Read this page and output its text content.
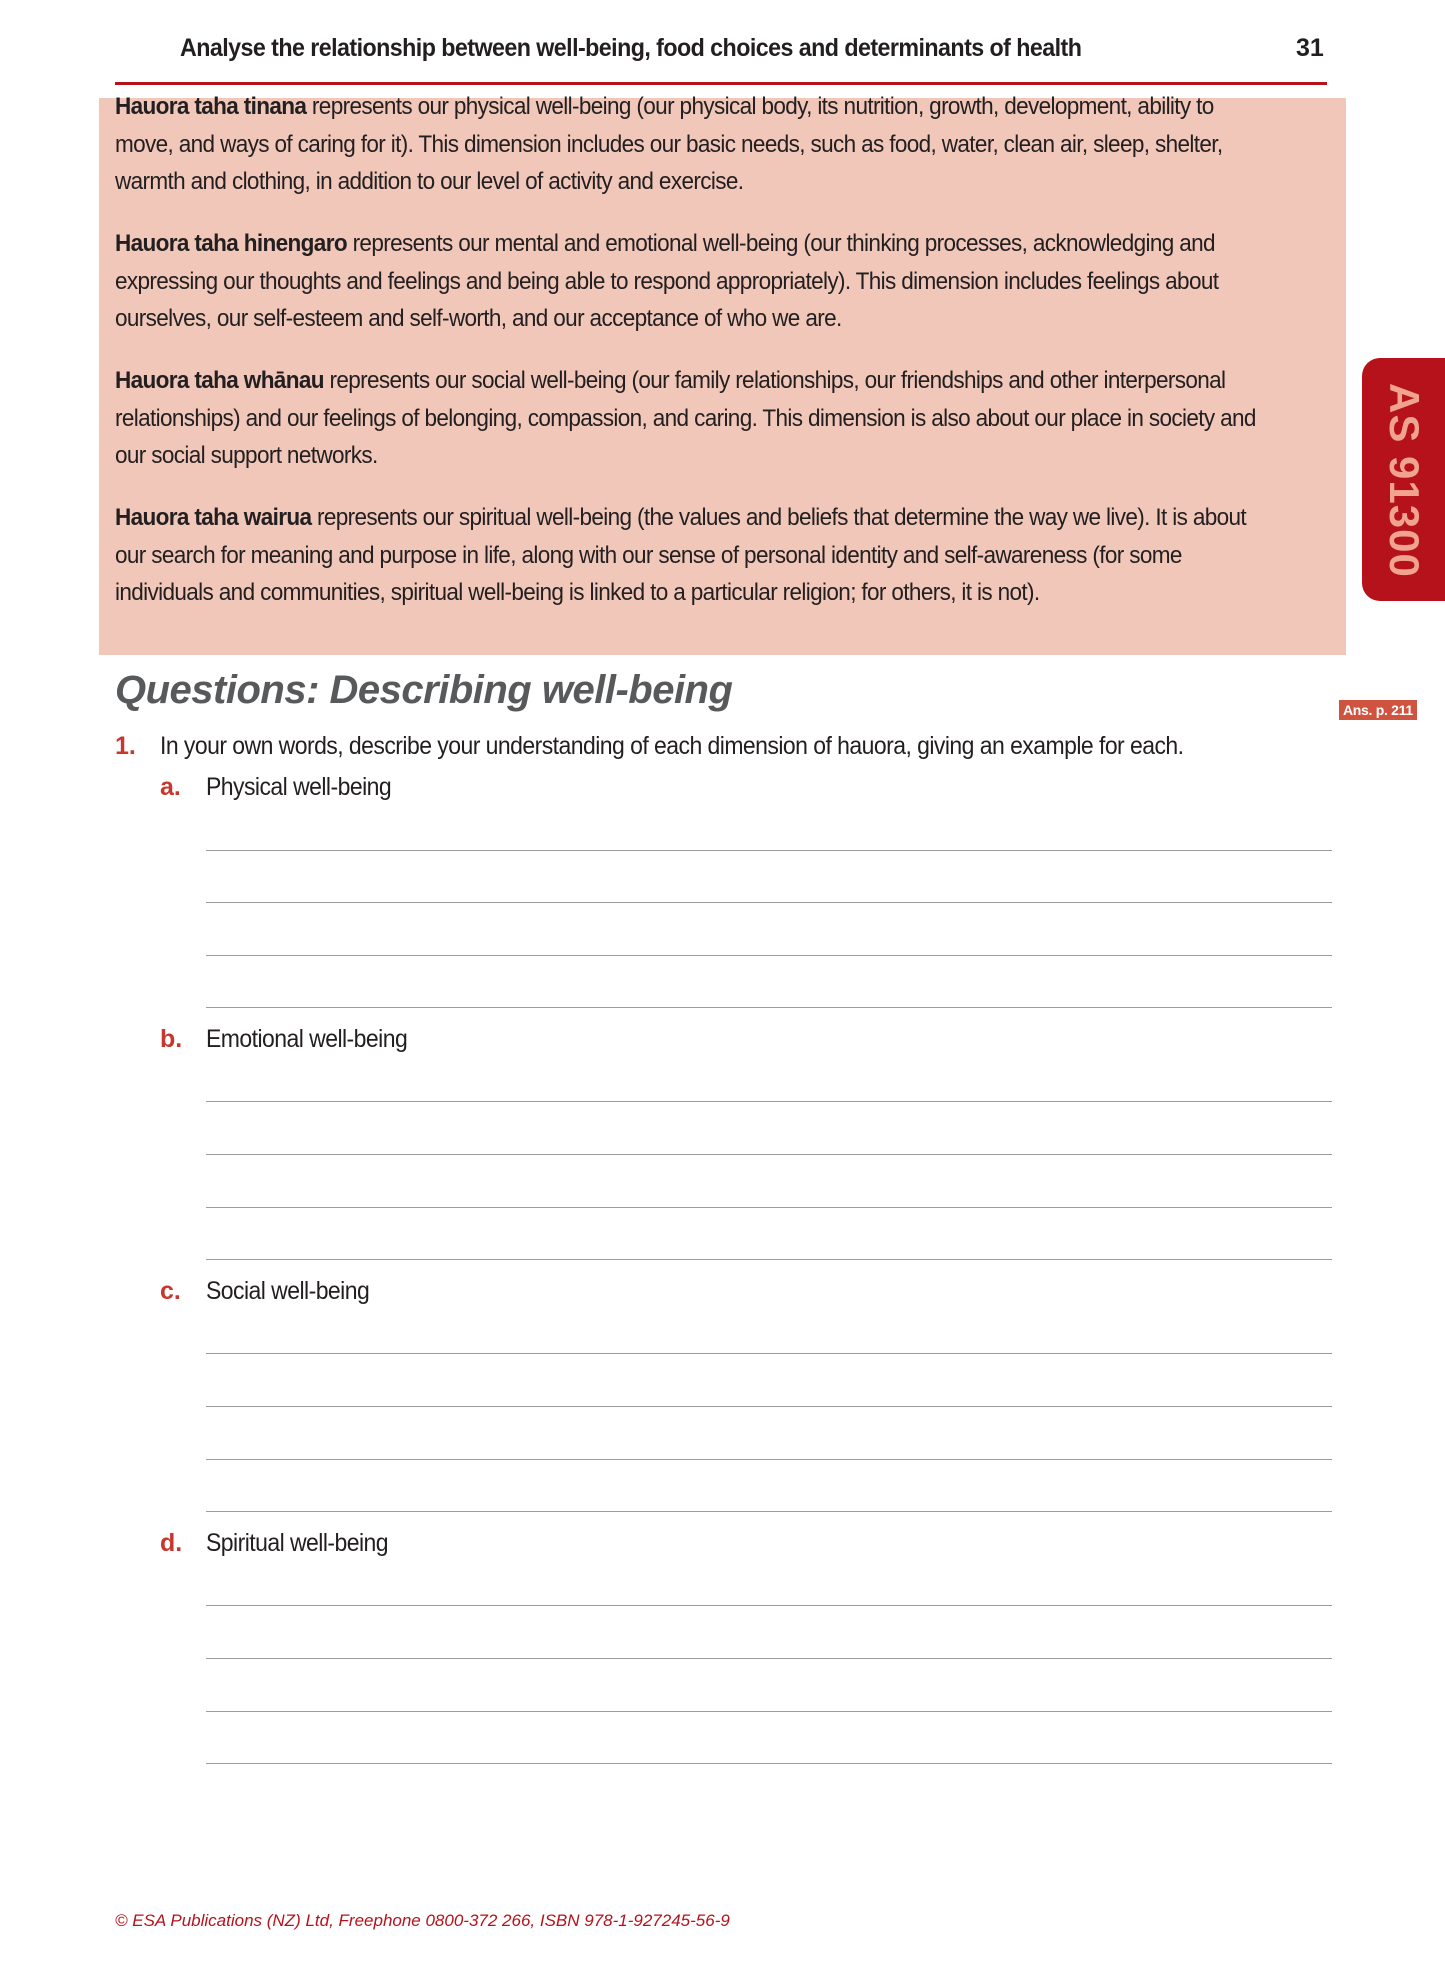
Analyse the relationship between well-being, food choices and determinants of health	31

Hauora taha tinana represents our physical well-being (our physical body, its nutrition, growth, development, ability to move, and ways of caring for it). This dimension includes our basic needs, such as food, water, clean air, sleep, shelter, warmth and clothing, in addition to our level of activity and exercise.

Hauora taha hinengaro represents our mental and emotional well-being (our thinking processes, acknowledging and expressing our thoughts and feelings and being able to respond appropriately). This dimension includes feelings about ourselves, our self-esteem and self-worth, and our acceptance of who we are.

Hauora taha whānau represents our social well-being (our family relationships, our friendships and other interpersonal relationships) and our feelings of belonging, compassion, and caring. This dimension is also about our place in society and our social support networks.

Hauora taha wairua represents our spiritual well-being (the values and beliefs that determine the way we live). It is about our search for meaning and purpose in life, along with our sense of personal identity and self-awareness (for some individuals and communities, spiritual well-being is linked to a particular religion; for others, it is not).

AS 91300
Ans. p. 211
Questions: Describing well-being
1. In your own words, describe your understanding of each dimension of hauora, giving an example for each.
a. Physical well-being
b. Emotional well-being
c. Social well-being
d. Spiritual well-being
© ESA Publications (NZ) Ltd, Freephone 0800-372 266, ISBN 978-1-927245-56-9
